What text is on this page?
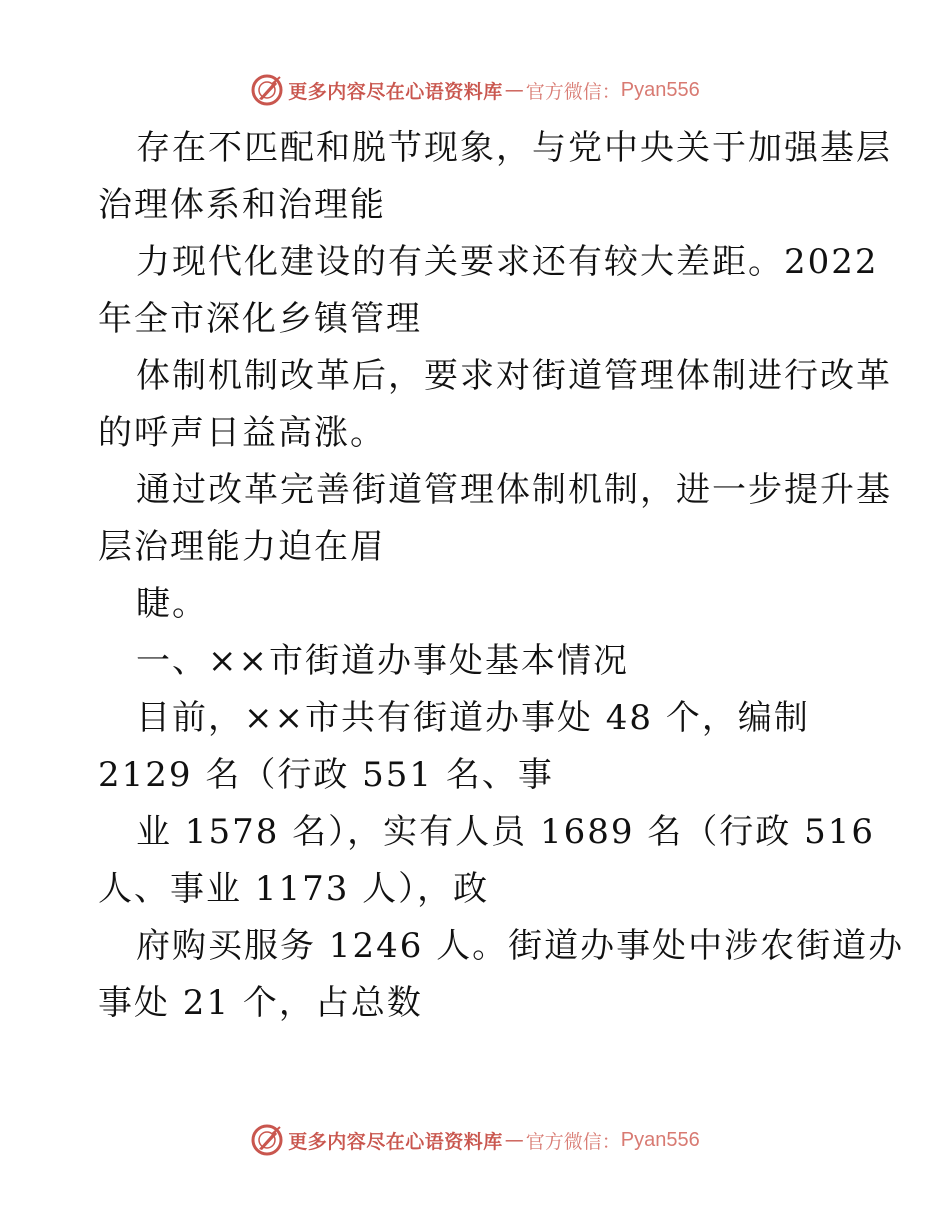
更多内容尽在心语资料库 — 官方微信： Pyan556
存在不匹配和脱节现象，与党中央关于加强基层
治理体系和治理能
力现代化建设的有关要求还有较大差距。2022
年全市深化乡镇管理
体制机制改革后，要求对街道管理体制进行改革
的呼声日益高涨。
通过改革完善街道管理体制机制，进一步提升基
层治理能力迫在眉
睫。
一、××市街道办事处基本情况
目前，××市共有街道办事处 48 个，编制
2129 名（行政 551 名、事
业 1578 名），实有人员 1689 名（行政 516
人、事业 1173 人），政
府购买服务 1246 人。街道办事处中涉农街道办
事处 21 个，占总数
更多内容尽在心语资料库 — 官方微信： Pyan556
